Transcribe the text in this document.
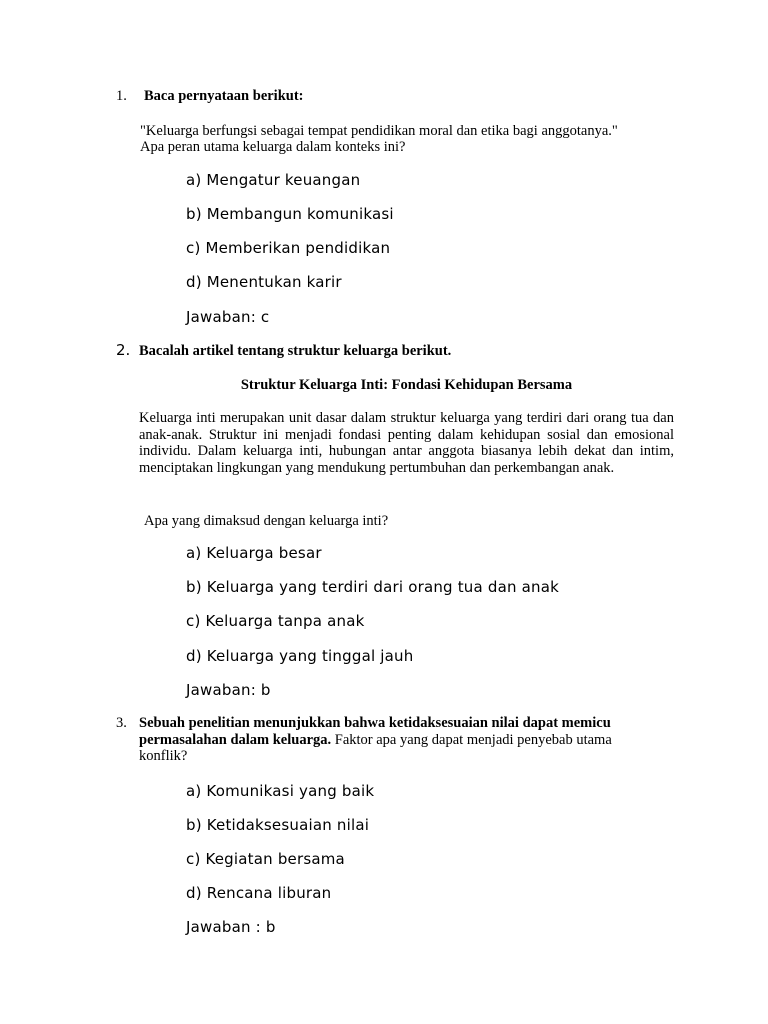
1. Baca pernyataan berikut:
"Keluarga berfungsi sebagai tempat pendidikan moral dan etika bagi anggotanya."
Apa peran utama keluarga dalam konteks ini?
a) Mengatur keuangan
b) Membangun komunikasi
c) Memberikan pendidikan
d) Menentukan karir
Jawaban: c
2. Bacalah artikel tentang struktur keluarga berikut.
Struktur Keluarga Inti: Fondasi Kehidupan Bersama

Keluarga inti merupakan unit dasar dalam struktur keluarga yang terdiri dari orang tua dan anak-anak. Struktur ini menjadi fondasi penting dalam kehidupan sosial dan emosional individu. Dalam keluarga inti, hubungan antar anggota biasanya lebih dekat dan intim, menciptakan lingkungan yang mendukung pertumbuhan dan perkembangan anak.

Apa yang dimaksud dengan keluarga inti?
a) Keluarga besar
b) Keluarga yang terdiri dari orang tua dan anak
c) Keluarga tanpa anak
d) Keluarga yang tinggal jauh
Jawaban: b
3. Sebuah penelitian menunjukkan bahwa ketidaksesuaian nilai dapat memicu permasalahan dalam keluarga. Faktor apa yang dapat menjadi penyebab utama konflik?

a) Komunikasi yang baik
b) Ketidaksesuaian nilai
c) Kegiatan bersama
d) Rencana liburan
Jawaban : b
